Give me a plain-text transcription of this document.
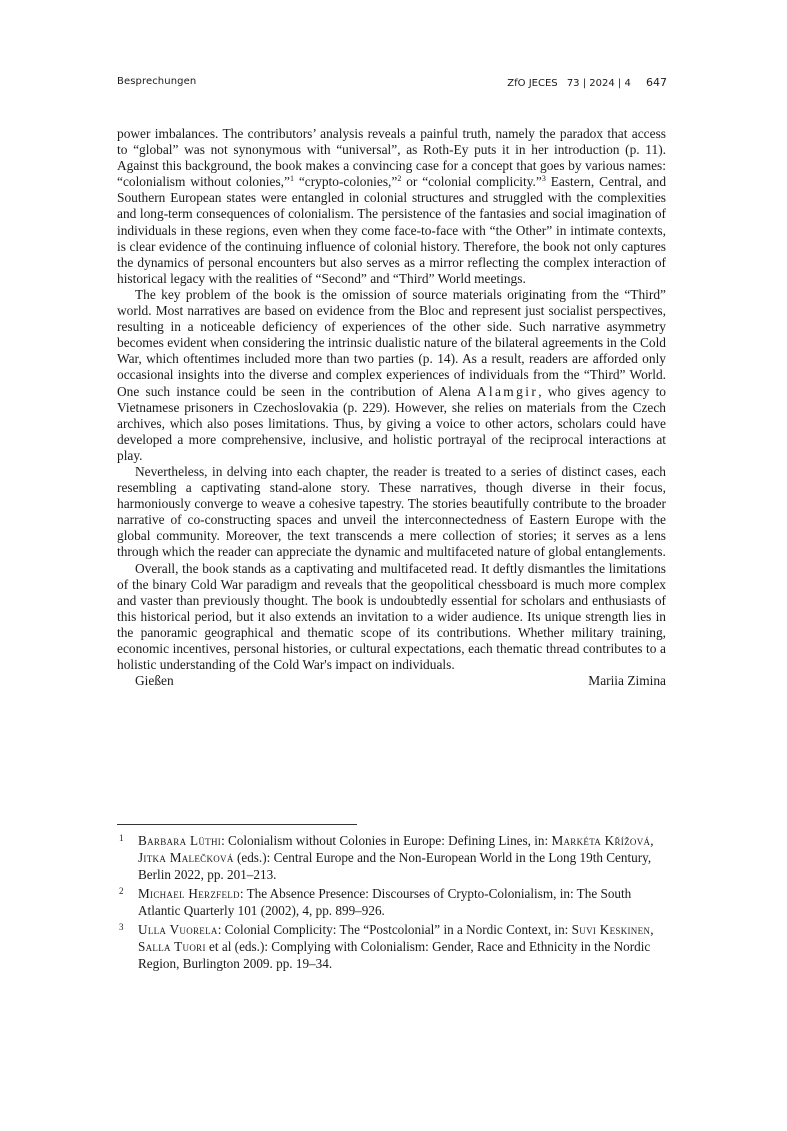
Besprechungen	ZfO JECES 73 | 2024 | 4 647

power imbalances. The contributors’ analysis reveals a painful truth, namely the paradox that access to “global” was not synonymous with “universal”, as Roth-Ey puts it in her introduction (p. 11). Against this background, the book makes a convincing case for a concept that goes by various names: “colonialism without colonies,”$^1$ “crypto-colonies,”$^2$ or “colonial complicity.”$^3$ Eastern, Central, and Southern European states were entangled in colonial structures and struggled with the complexities and long-term consequences of colonialism. The persistence of the fantasies and social imagination of individuals in these regions, even when they come face-to-face with “the Other” in intimate contexts, is clear evidence of the continuing influence of colonial history. Therefore, the book not only captures the dynamics of personal encounters but also serves as a mirror reflecting the complex interaction of historical legacy with the realities of “Second” and “Third” World meetings.

The key problem of the book is the omission of source materials originating from the “Third” world. Most narratives are based on evidence from the Bloc and represent just socialist perspectives, resulting in a noticeable deficiency of experiences of the other side. Such narrative asymmetry becomes evident when considering the intrinsic dualistic nature of the bilateral agreements in the Cold War, which oftentimes included more than two parties (p. 14). As a result, readers are afforded only occasional insights into the diverse and complex experiences of individuals from the “Third” World. One such instance could be seen in the contribution of Alena Alamgir, who gives agency to Vietnamese prisoners in Czechoslovakia (p. 229). However, she relies on materials from the Czech archives, which also poses limitations. Thus, by giving a voice to other actors, scholars could have developed a more comprehensive, inclusive, and holistic portrayal of the reciprocal interactions at play.

Nevertheless, in delving into each chapter, the reader is treated to a series of distinct cases, each resembling a captivating stand-alone story. These narratives, though diverse in their focus, harmoniously converge to weave a cohesive tapestry. The stories beautifully contribute to the broader narrative of co-constructing spaces and unveil the interconnectedness of Eastern Europe with the global community. Moreover, the text transcends a mere collection of stories; it serves as a lens through which the reader can appreciate the dynamic and multifaceted nature of global entanglements.

Overall, the book stands as a captivating and multifaceted read. It deftly dismantles the limitations of the binary Cold War paradigm and reveals that the geopolitical chessboard is much more complex and vaster than previously thought. The book is undoubtedly essential for scholars and enthusiasts of this historical period, but it also extends an invitation to a wider audience. Its unique strength lies in the panoramic geographical and thematic scope of its contributions. Whether military training, economic incentives, personal histories, or cultural expectations, each thematic thread contributes to a holistic understanding of the Cold War's impact on individuals.

Gießen	Mariia Zimina

1 Barbara Lüthi: Colonialism without Colonies in Europe: Defining Lines, in: Markéta Křížová, Jitka Malečková (eds.): Central Europe and the Non-European World in the Long 19th Century, Berlin 2022, pp. 201–213.

2 Michael Herzfeld: The Absence Presence: Discourses of Crypto-Colonialism, in: The South Atlantic Quarterly 101 (2002), 4, pp. 899–926.

3 Ulla Vuorela: Colonial Complicity: The “Postcolonial” in a Nordic Context, in: Suvi Keskinen, Salla Tuori et al (eds.): Complying with Colonialism: Gender, Race and Ethnicity in the Nordic Region, Burlington 2009. pp. 19–34.
